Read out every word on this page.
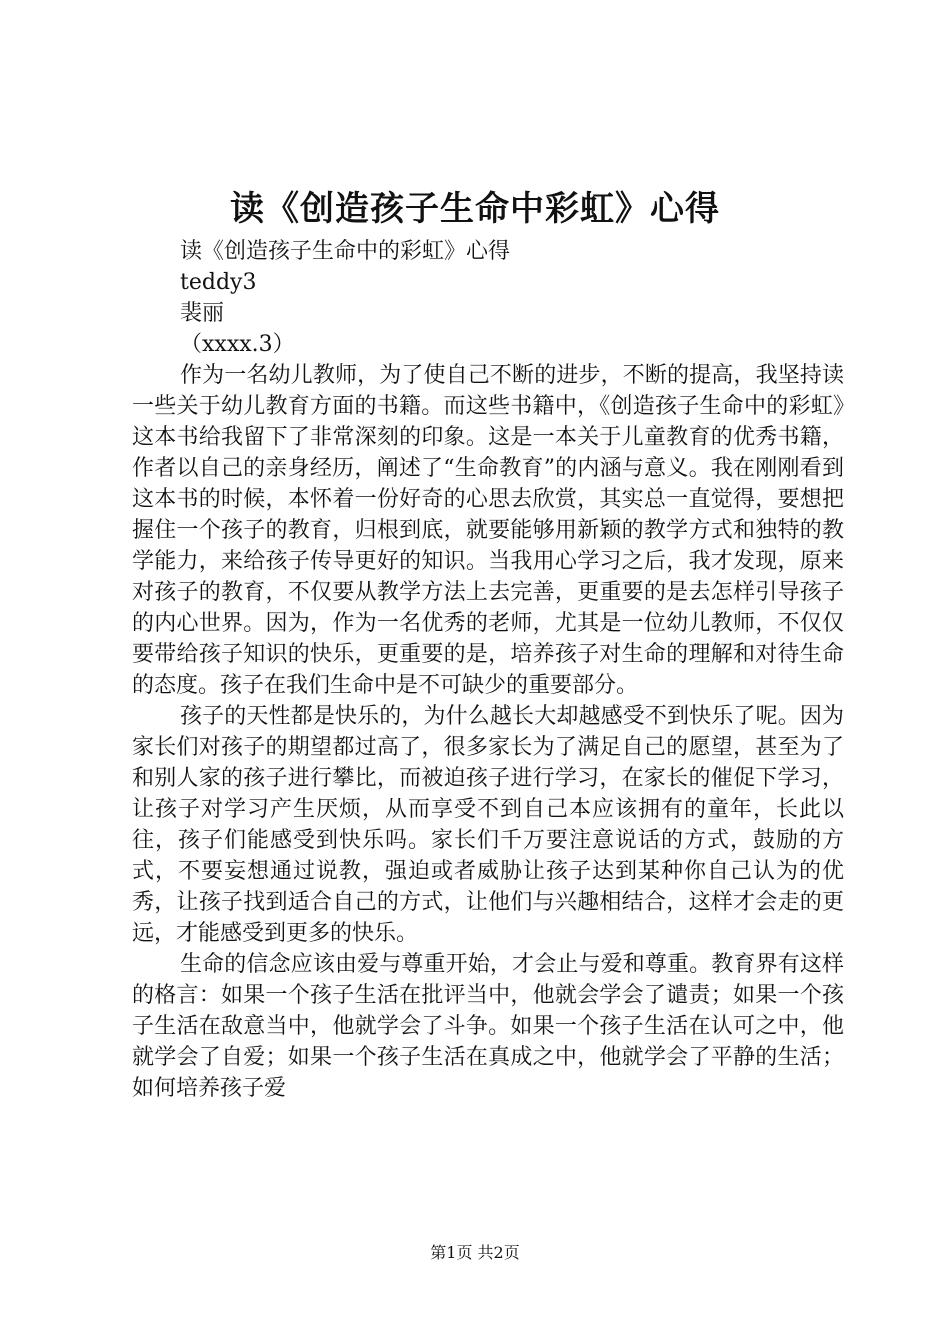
读《创造孩子生命中彩虹》心得
读《创造孩子生命中的彩虹》心得
teddy3
裴丽
（xxxx.3）

作为一名幼儿教师，为了使自己不断的进步，不断的提高，我坚持读一些关于幼儿教育方面的书籍。而这些书籍中，《创造孩子生命中的彩虹》这本书给我留下了非常深刻的印象。这是一本关于儿童教育的优秀书籍，作者以自己的亲身经历，阐述了“生命教育”的内涵与意义。我在刚刚看到这本书的时候，本怀着一份好奇的心思去欣赏，其实总一直觉得，要想把握住一个孩子的教育，归根到底，就要能够用新颖的教学方式和独特的教学能力，来给孩子传导更好的知识。当我用心学习之后，我才发现，原来对孩子的教育，不仅要从教学方法上去完善，更重要的是去怎样引导孩子的内心世界。因为，作为一名优秀的老师，尤其是一位幼儿教师，不仅仅要带给孩子知识的快乐，更重要的是，培养孩子对生命的理解和对待生命的态度。孩子在我们生命中是不可缺少的重要部分。

孩子的天性都是快乐的，为什么越长大却越感受不到快乐了呢。因为家长们对孩子的期望都过高了，很多家长为了满足自己的愿望，甚至为了和别人家的孩子进行攀比，而被迫孩子进行学习，在家长的催促下学习，让孩子对学习产生厌烦，从而享受不到自己本应该拥有的童年，长此以往，孩子们能感受到快乐吗。家长们千万要注意说话的方式，鼓励的方式，不要妄想通过说教，强迫或者威胁让孩子达到某种你自己认为的优秀，让孩子找到适合自己的方式，让他们与兴趣相结合，这样才会走的更远，才能感受到更多的快乐。

生命的信念应该由爱与尊重开始，才会止与爱和尊重。教育界有这样的格言：如果一个孩子生活在批评当中，他就会学会了谴责；如果一个孩子生活在敌意当中，他就学会了斗争。如果一个孩子生活在认可之中，他就学会了自爱；如果一个孩子生活在真成之中，他就学会了平静的生活；如何培养孩子爱

第1页 共2页
